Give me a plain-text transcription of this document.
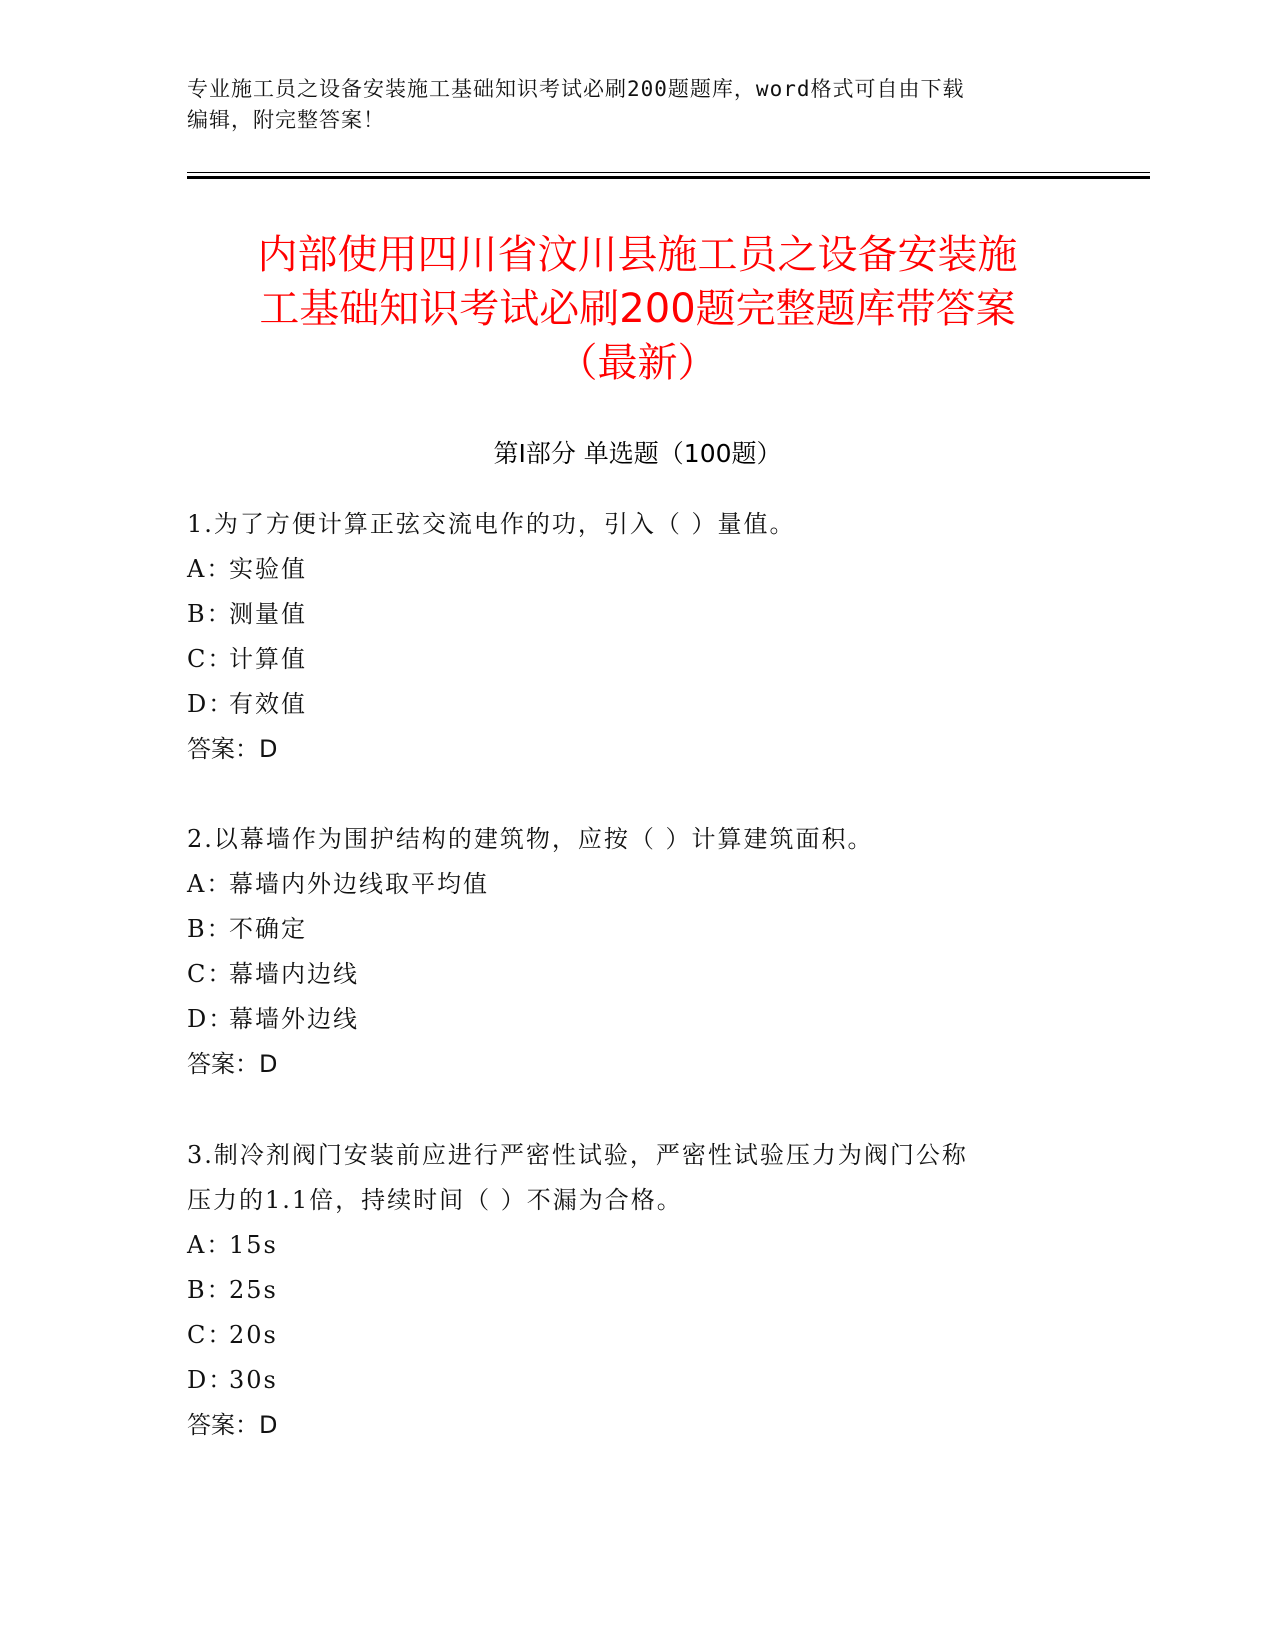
专业施工员之设备安装施工基础知识考试必刷200题题库，word格式可自由下载
编辑，附完整答案！
内部使用四川省汶川县施工员之设备安装施
工基础知识考试必刷200题完整题库带答案
（最新）
第I部分 单选题（100题）
1.为了方便计算正弦交流电作的功，引入（ ）量值。
A：实验值
B：测量值
C：计算值
D：有效值
答案：D
2.以幕墙作为围护结构的建筑物，应按（ ）计算建筑面积。
A：幕墙内外边线取平均值
B：不确定
C：幕墙内边线
D：幕墙外边线
答案：D
3.制冷剂阀门安装前应进行严密性试验，严密性试验压力为阀门公称
压力的1.1倍，持续时间（ ）不漏为合格。
A：15s
B：25s
C：20s
D：30s
答案：D
